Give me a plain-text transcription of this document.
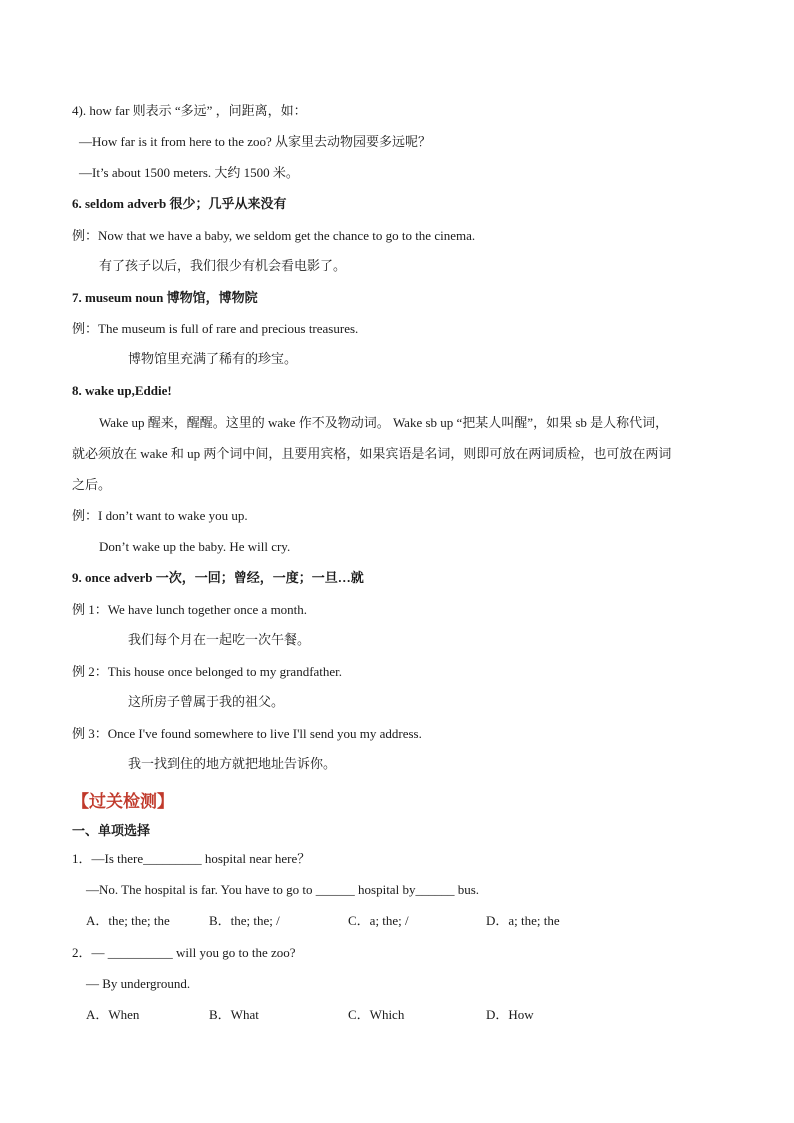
4). how far 则表示 “多远” ，问距离，如：
—How far is it from here to the zoo? 从家里去动物园要多远呢？
—It’s about 1500 meters. 大约 1500 米。
6. seldom adverb 很少；几乎从来没有
例：Now that we have a baby, we seldom get the chance to go to the cinema.
有了孩子以后，我们很少有机会看电影了。
7. museum noun 博物馆，博物院
例：The museum is full of rare and precious treasures.
博物馆里充满了稀有的珍宝。
8. wake up,Eddie!
Wake up 醒来，醒醒。这里的 wake 作不及物动词。 Wake sb up “把某人叫醒”，如果 sb 是人称代词，
就必须放在 wake 和 up 两个词中间，且要用宾格，如果宾语是名词，则即可放在两词质检，也可放在两词
之后。
例：I don’t want to wake you up.
Don’t wake up the baby. He will cry.
9. once adverb 一次，一回；曾经，一度；一旦…就
例 1：We have lunch together once a month.
我们每个月在一起吃一次午餐。
例 2：This house once belonged to my grandfather.
这所房子曾属于我的祖父。
例 3：Once I've found somewhere to live I'll send you my address.
我一找到住的地方就把地址告诉你。
【过关检测】
一、单项选择
1．—Is there_________ hospital near here？
—No. The hospital is far. You have to go to ______ hospital by______ bus.
A．the; the; the	B．the; the; /	C．a; the; /	D．a; the; the
2．— __________ will you go to the zoo?
— By underground.
A．When	B．What	C．Which	D．How
